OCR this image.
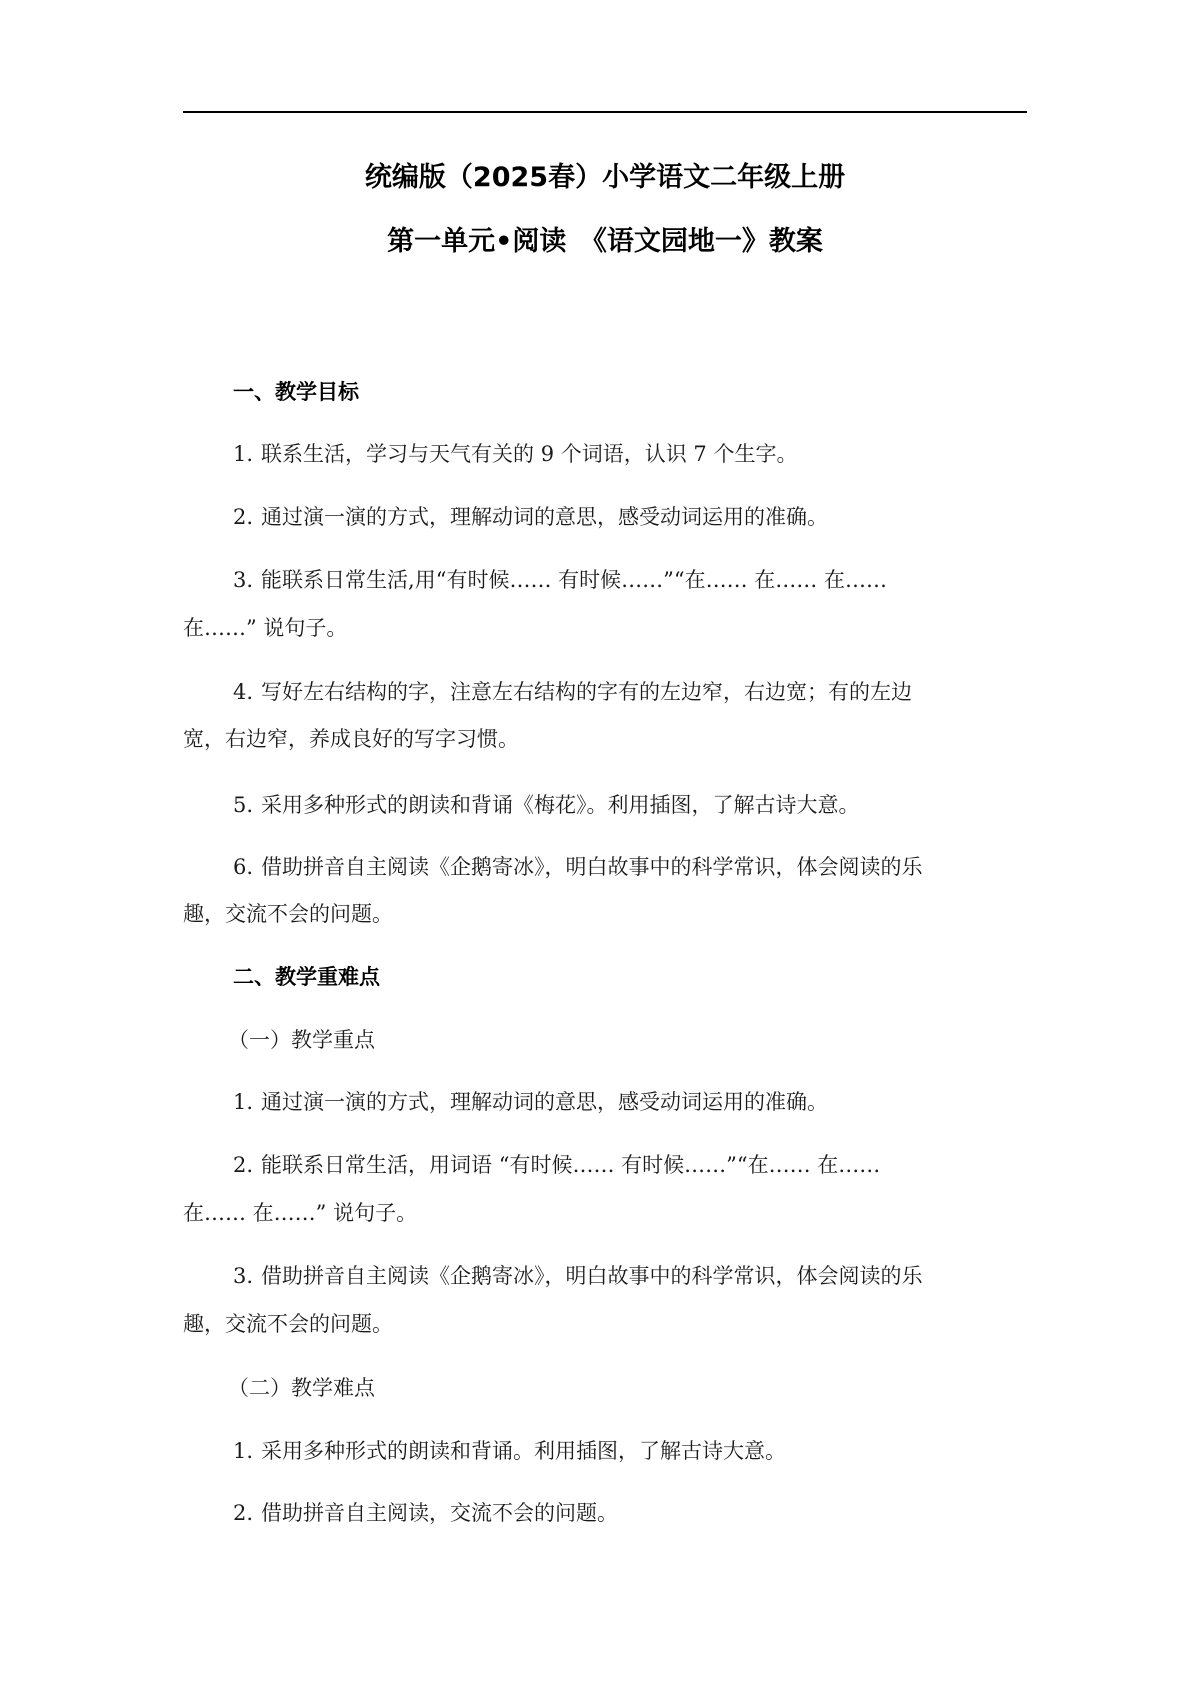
统编版（2025春）小学语文二年级上册
第一单元•阅读　《语文园地一》教案
一、教学目标
1. 联系生活，学习与天气有关的 9 个词语，认识 7 个生字。
2. 通过演一演的方式，理解动词的意思，感受动词运用的准确。
3. 能联系日常生活,用“有时候…… 有时候……”“在…… 在…… 在……
在……” 说句子。
4. 写好左右结构的字，注意左右结构的字有的左边窄，右边宽；有的左边
宽，右边窄，养成良好的写字习惯。
5. 采用多种形式的朗读和背诵《梅花》。利用插图，了解古诗大意。
6. 借助拼音自主阅读《企鹅寄冰》，明白故事中的科学常识，体会阅读的乐
趣，交流不会的问题。
二、教学重难点
（一）教学重点
1. 通过演一演的方式，理解动词的意思，感受动词运用的准确。
2. 能联系日常生活，用词语 “有时候…… 有时候……”“在…… 在……
在…… 在……” 说句子。
3. 借助拼音自主阅读《企鹅寄冰》，明白故事中的科学常识，体会阅读的乐
趣，交流不会的问题。
（二）教学难点
1. 采用多种形式的朗读和背诵。利用插图，了解古诗大意。
2. 借助拼音自主阅读，交流不会的问题。
